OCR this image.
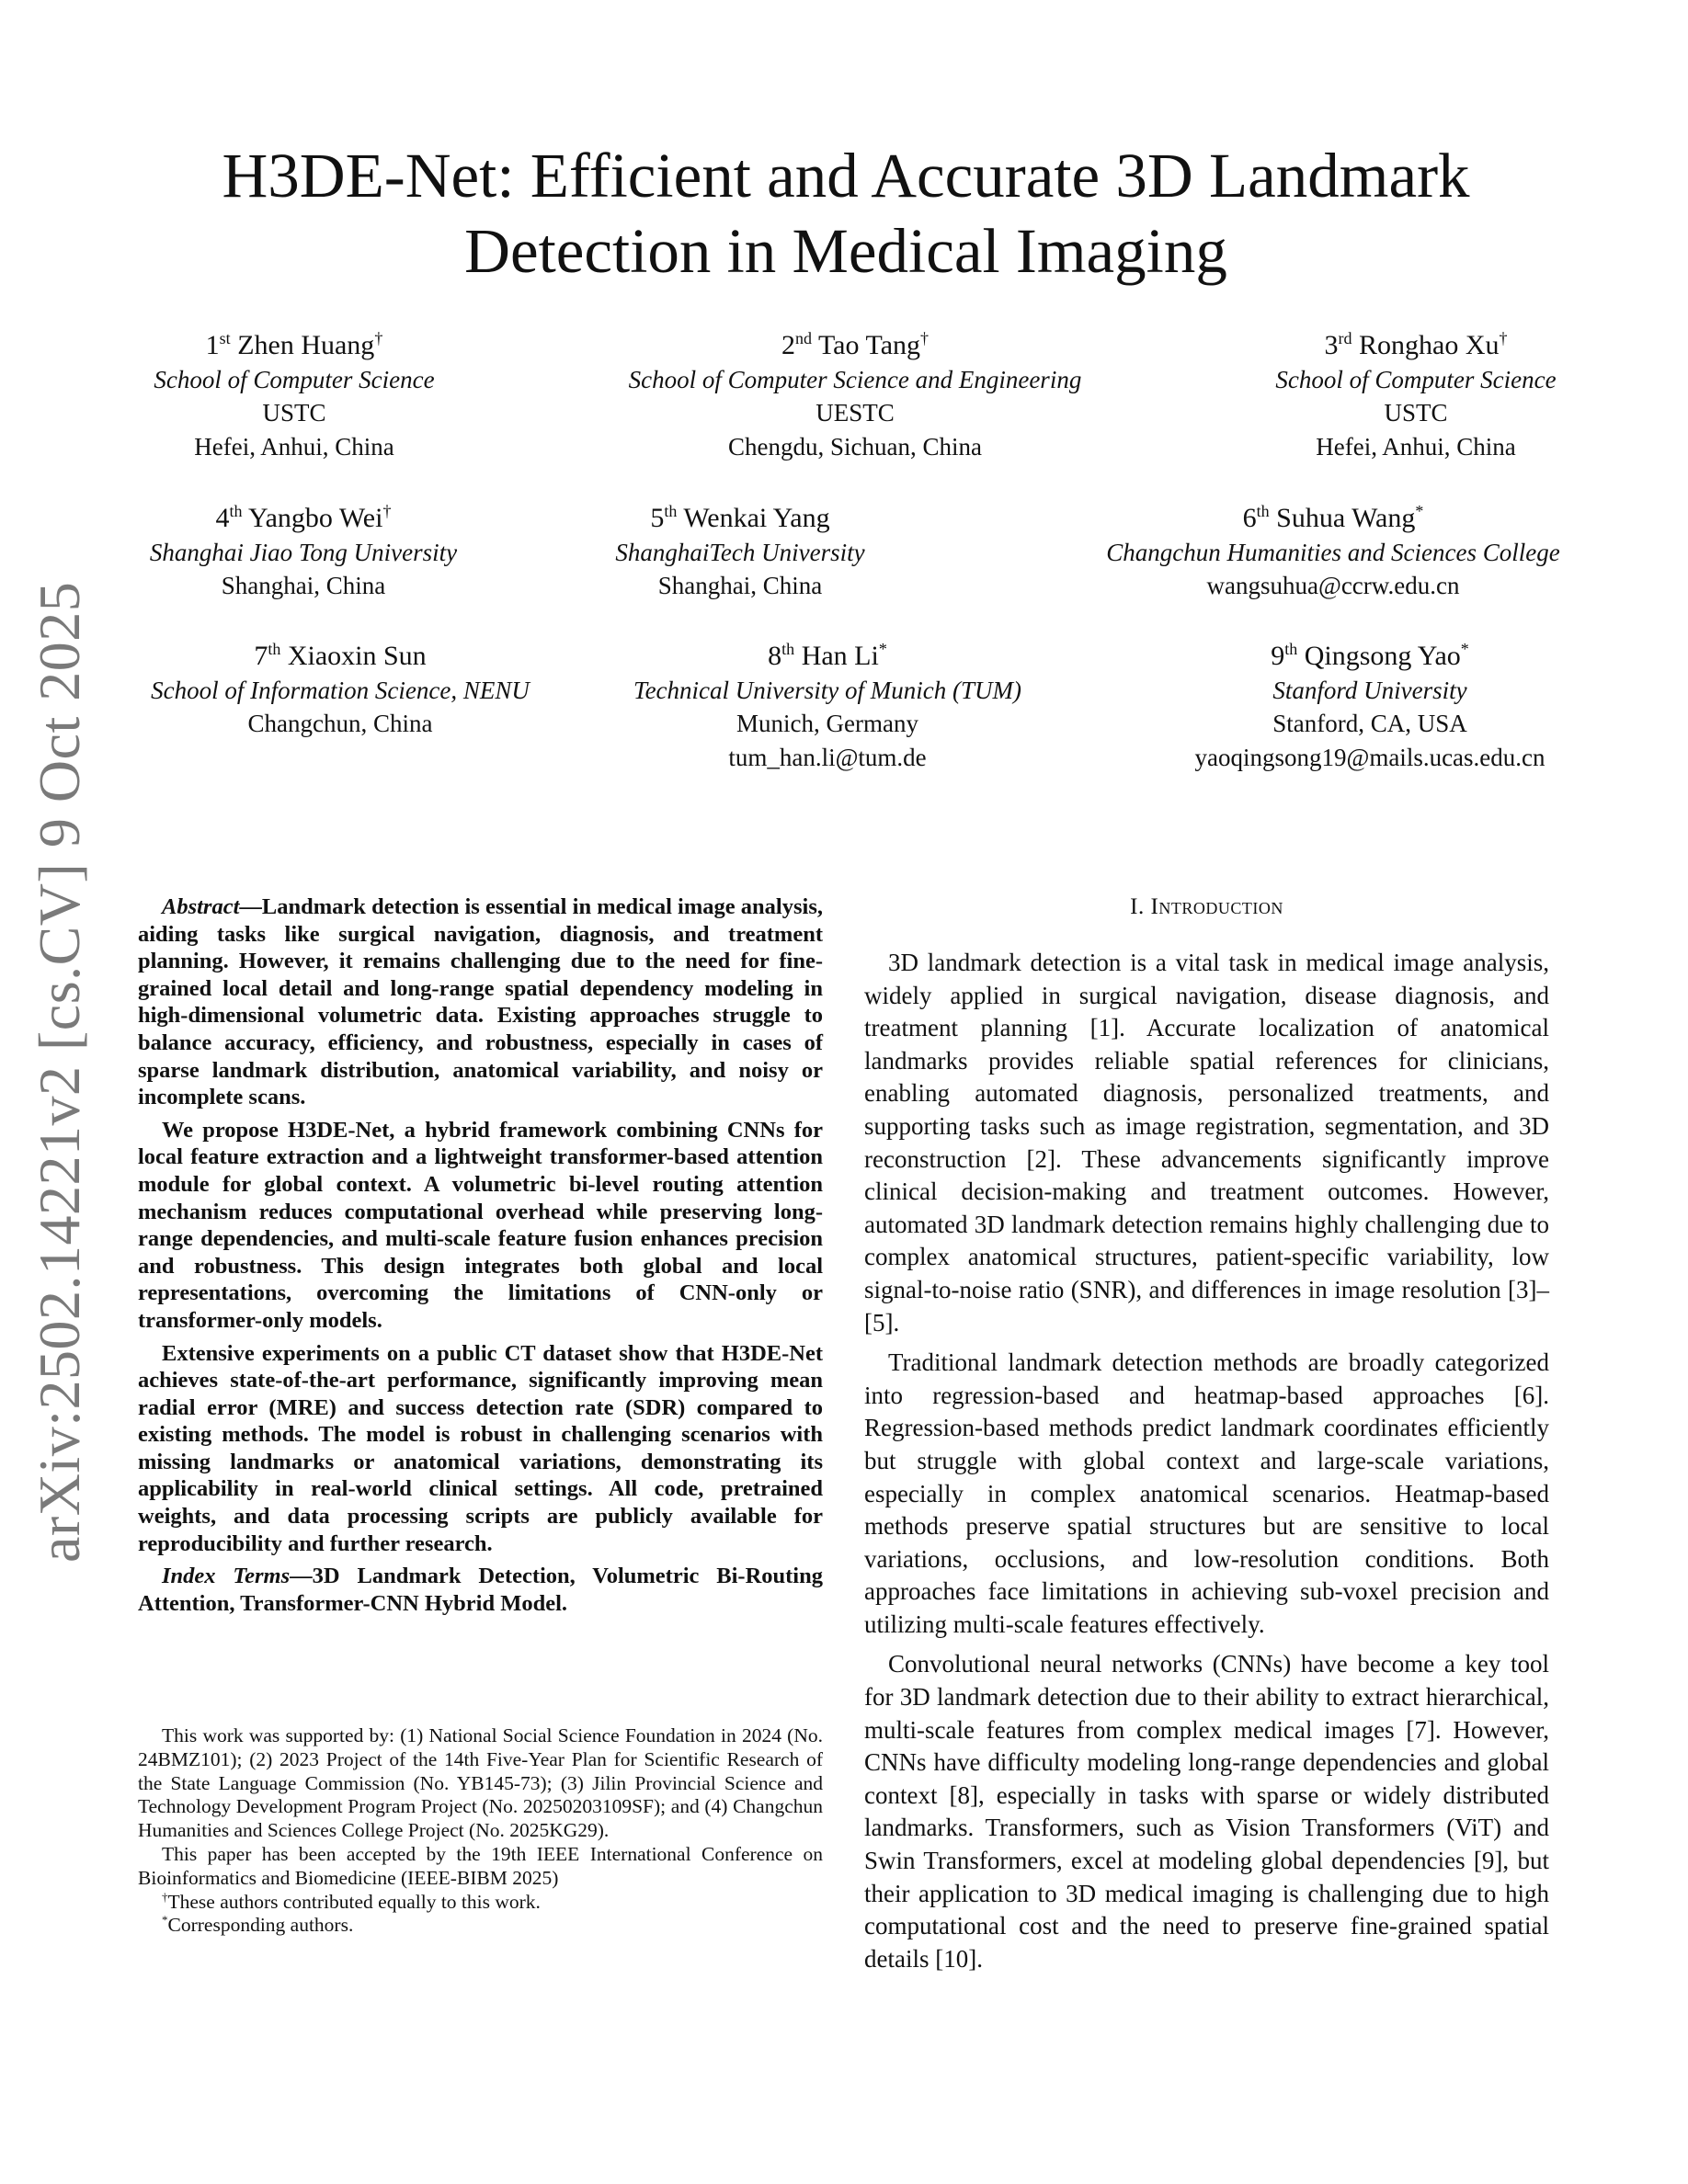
arXiv:2502.14221v2 [cs.CV] 9 Oct 2025
H3DE-Net: Efficient and Accurate 3D Landmark Detection in Medical Imaging
1st Zhen Huang†
School of Computer Science
USTC
Hefei, Anhui, China
2nd Tao Tang†
School of Computer Science and Engineering
UESTC
Chengdu, Sichuan, China
3rd Ronghao Xu†
School of Computer Science
USTC
Hefei, Anhui, China
4th Yangbo Wei†
Shanghai Jiao Tong University
Shanghai, China
5th Wenkai Yang
ShanghaiTech University
Shanghai, China
6th Suhua Wang*
Changchun Humanities and Sciences College
wangsuhua@ccrw.edu.cn
7th Xiaoxin Sun
School of Information Science, NENU
Changchun, China
8th Han Li*
Technical University of Munich (TUM)
Munich, Germany
tum_han.li@tum.de
9th Qingsong Yao*
Stanford University
Stanford, CA, USA
yaoqingsong19@mails.ucas.edu.cn

Abstract—Landmark detection is essential in medical image analysis, aiding tasks like surgical navigation, diagnosis, and treatment planning. However, it remains challenging due to the need for fine-grained local detail and long-range spatial dependency modeling in high-dimensional volumetric data. Existing approaches struggle to balance accuracy, efficiency, and robustness, especially in cases of sparse landmark distribution, anatomical variability, and noisy or incomplete scans.

We propose H3DE-Net, a hybrid framework combining CNNs for local feature extraction and a lightweight transformer-based attention module for global context. A volumetric bi-level routing attention mechanism reduces computational overhead while preserving long-range dependencies, and multi-scale feature fusion enhances precision and robustness. This design integrates both global and local representations, overcoming the limitations of CNN-only or transformer-only models.

Extensive experiments on a public CT dataset show that H3DE-Net achieves state-of-the-art performance, significantly improving mean radial error (MRE) and success detection rate (SDR) compared to existing methods. The model is robust in challenging scenarios with missing landmarks or anatomical variations, demonstrating its applicability in real-world clinical settings. All code, pretrained weights, and data processing scripts are publicly available for reproducibility and further research.

Index Terms—3D Landmark Detection, Volumetric Bi-Routing Attention, Transformer-CNN Hybrid Model.

This work was supported by: (1) National Social Science Foundation in 2024 (No. 24BMZ101); (2) 2023 Project of the 14th Five-Year Plan for Scientific Research of the State Language Commission (No. YB145-73); (3) Jilin Provincial Science and Technology Development Program Project (No. 20250203109SF); and (4) Changchun Humanities and Sciences College Project (No. 2025KG29).

This paper has been accepted by the 19th IEEE International Conference on Bioinformatics and Biomedicine (IEEE-BIBM 2025)

†These authors contributed equally to this work.

*Corresponding authors.

I. Introduction

3D landmark detection is a vital task in medical image analysis, widely applied in surgical navigation, disease diagnosis, and treatment planning [1]. Accurate localization of anatomical landmarks provides reliable spatial references for clinicians, enabling automated diagnosis, personalized treatments, and supporting tasks such as image registration, segmentation, and 3D reconstruction [2]. These advancements significantly improve clinical decision-making and treatment outcomes. However, automated 3D landmark detection remains highly challenging due to complex anatomical structures, patient-specific variability, low signal-to-noise ratio (SNR), and differences in image resolution [3]–[5].

Traditional landmark detection methods are broadly categorized into regression-based and heatmap-based approaches [6]. Regression-based methods predict landmark coordinates efficiently but struggle with global context and large-scale variations, especially in complex anatomical scenarios. Heatmap-based methods preserve spatial structures but are sensitive to local variations, occlusions, and low-resolution conditions. Both approaches face limitations in achieving sub-voxel precision and utilizing multi-scale features effectively.

Convolutional neural networks (CNNs) have become a key tool for 3D landmark detection due to their ability to extract hierarchical, multi-scale features from complex medical images [7]. However, CNNs have difficulty modeling long-range dependencies and global context [8], especially in tasks with sparse or widely distributed landmarks. Transformers, such as Vision Transformers (ViT) and Swin Transformers, excel at modeling global dependencies [9], but their application to 3D medical imaging is challenging due to high computational cost and the need to preserve fine-grained spatial details [10].
